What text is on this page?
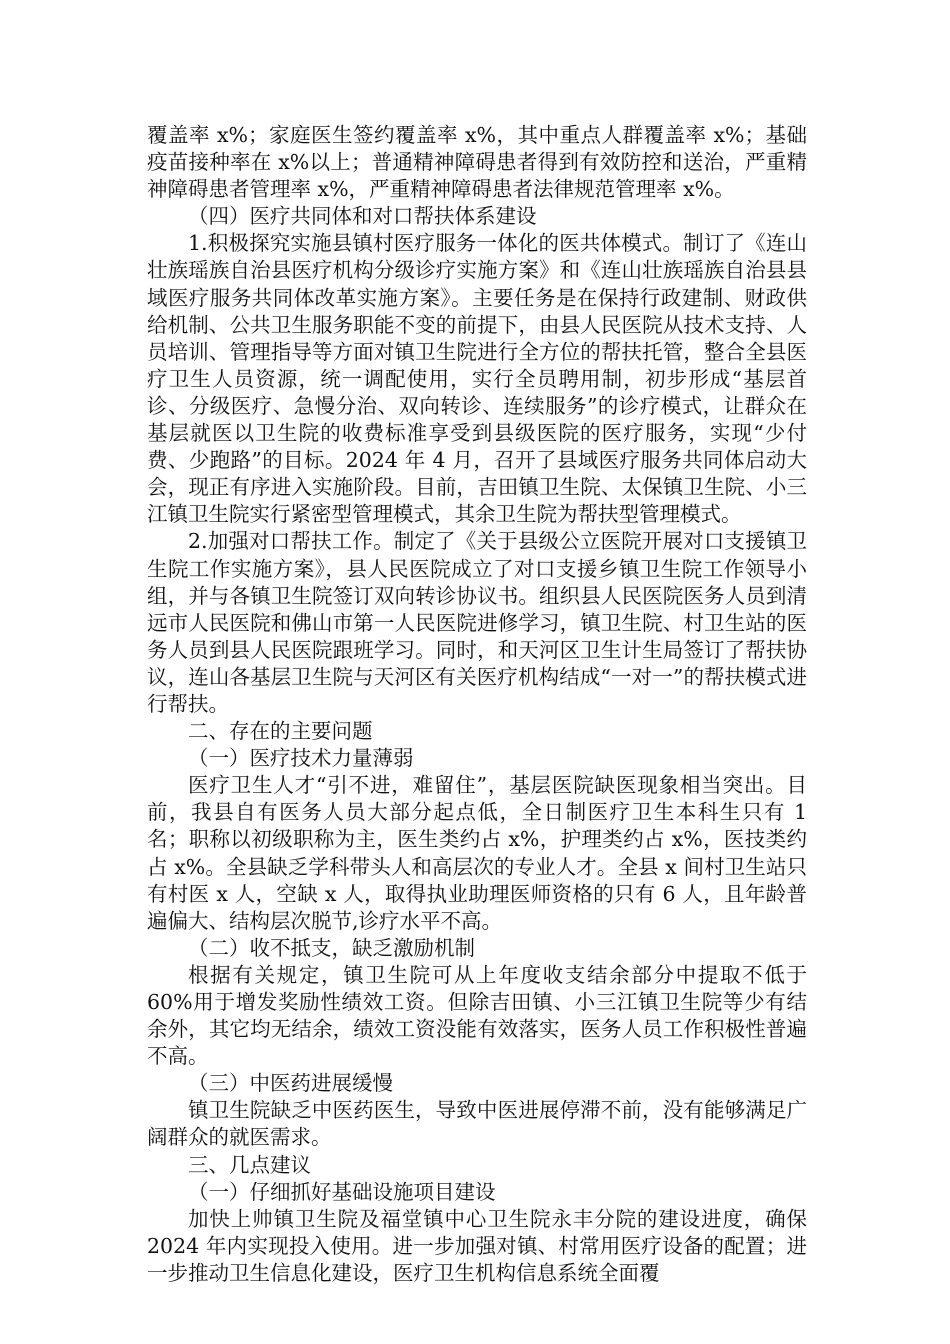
覆盖率 x%；家庭医生签约覆盖率 x%，其中重点人群覆盖率 x%；基础疫苗接种率在 x%以上；普通精神障碍患者得到有效防控和送治，严重精神障碍患者管理率 x%，严重精神障碍患者法律规范管理率 x%。

（四）医疗共同体和对口帮扶体系建设

1.积极探究实施县镇村医疗服务一体化的医共体模式。制订了《连山壮族瑶族自治县医疗机构分级诊疗实施方案》和《连山壮族瑶族自治县县域医疗服务共同体改革实施方案》。主要任务是在保持行政建制、财政供给机制、公共卫生服务职能不变的前提下，由县人民医院从技术支持、人员培训、管理指导等方面对镇卫生院进行全方位的帮扶托管，整合全县医疗卫生人员资源，统一调配使用，实行全员聘用制，初步形成“基层首诊、分级医疗、急慢分治、双向转诊、连续服务”的诊疗模式，让群众在基层就医以卫生院的收费标准享受到县级医院的医疗服务，实现“少付费、少跑路”的目标。2024 年 4 月，召开了县域医疗服务共同体启动大会，现正有序进入实施阶段。目前，吉田镇卫生院、太保镇卫生院、小三江镇卫生院实行紧密型管理模式，其余卫生院为帮扶型管理模式。

2.加强对口帮扶工作。制定了《关于县级公立医院开展对口支援镇卫生院工作实施方案》，县人民医院成立了对口支援乡镇卫生院工作领导小组，并与各镇卫生院签订双向转诊协议书。组织县人民医院医务人员到清远市人民医院和佛山市第一人民医院进修学习，镇卫生院、村卫生站的医务人员到县人民医院跟班学习。同时，和天河区卫生计生局签订了帮扶协议，连山各基层卫生院与天河区有关医疗机构结成“一对一”的帮扶模式进行帮扶。

二、存在的主要问题

（一）医疗技术力量薄弱

医疗卫生人才“引不进，难留住”，基层医院缺医现象相当突出。目前，我县自有医务人员大部分起点低，全日制医疗卫生本科生只有 1 名；职称以初级职称为主，医生类约占 x%，护理类约占 x%，医技类约占 x%。全县缺乏学科带头人和高层次的专业人才。全县 x 间村卫生站只有村医 x 人，空缺 x 人，取得执业助理医师资格的只有 6 人，且年龄普遍偏大、结构层次脱节,诊疗水平不高。

（二）收不抵支，缺乏激励机制

根据有关规定，镇卫生院可从上年度收支结余部分中提取不低于 60%用于增发奖励性绩效工资。但除吉田镇、小三江镇卫生院等少有结余外，其它均无结余，绩效工资没能有效落实，医务人员工作积极性普遍不高。

（三）中医药进展缓慢

镇卫生院缺乏中医药医生，导致中医进展停滞不前，没有能够满足广阔群众的就医需求。

三、几点建议

（一）仔细抓好基础设施项目建设

加快上帅镇卫生院及福堂镇中心卫生院永丰分院的建设进度，确保 2024 年内实现投入使用。进一步加强对镇、村常用医疗设备的配置；进一步推动卫生信息化建设，医疗卫生机构信息系统全面覆
